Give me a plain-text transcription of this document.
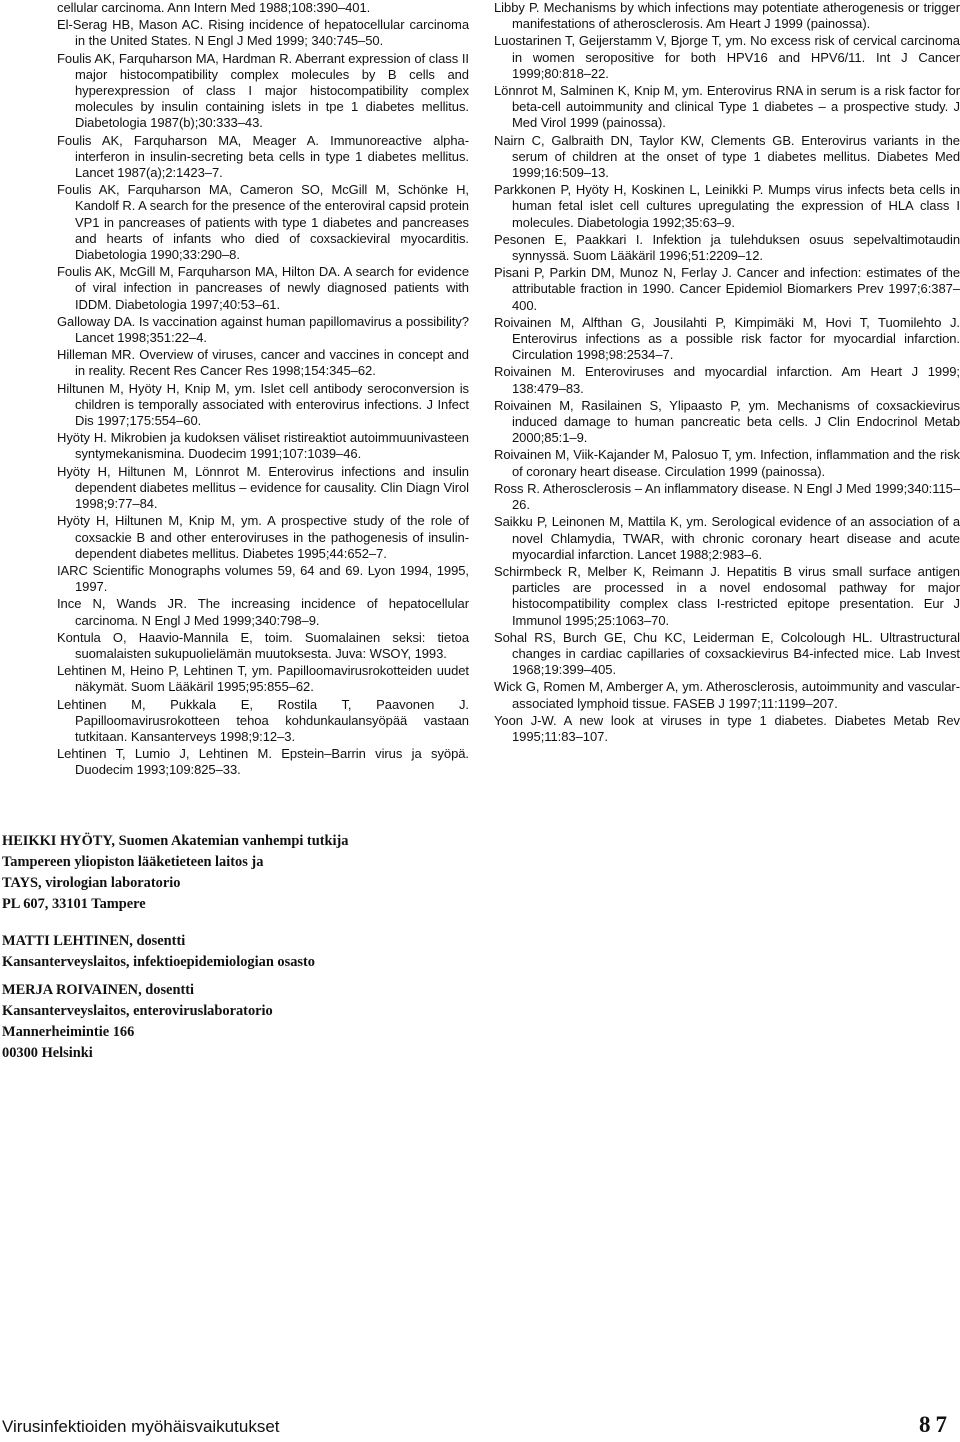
cellular carcinoma. Ann Intern Med 1988;108:390–401.

El-Serag HB, Mason AC. Rising incidence of hepatocellular carcinoma in the United States. N Engl J Med 1999; 340:745–50.

Foulis AK, Farquharson MA, Hardman R. Aberrant expression of class II major histocompatibility complex molecules by B cells and hyperexpression of class I major histocompatibility complex molecules by insulin containing islets in tpe 1 diabetes mellitus. Diabetologia 1987(b);30:333–43.

Foulis AK, Farquharson MA, Meager A. Immunoreactive alpha-interferon in insulin-secreting beta cells in type 1 diabetes mellitus. Lancet 1987(a);2:1423–7.

Foulis AK, Farquharson MA, Cameron SO, McGill M, Schönke H, Kandolf R. A search for the presence of the enteroviral capsid protein VP1 in pancreases of patients with type 1 diabetes and pancreases and hearts of infants who died of coxsackieviral myocarditis. Diabetologia 1990;33:290–8.

Foulis AK, McGill M, Farquharson MA, Hilton DA. A search for evidence of viral infection in pancreases of newly diagnosed patients with IDDM. Diabetologia 1997;40:53–61.

Galloway DA. Is vaccination against human papillomavirus a possibility? Lancet 1998;351:22–4.

Hilleman MR. Overview of viruses, cancer and vaccines in concept and in reality. Recent Res Cancer Res 1998;154:345–62.

Hiltunen M, Hyöty H, Knip M, ym. Islet cell antibody seroconversion is children is temporally associated with enterovirus infections. J Infect Dis 1997;175:554–60.

Hyöty H. Mikrobien ja kudoksen väliset ristireaktiot autoimmuunivasteen syntymekanismina. Duodecim 1991;107:1039–46.

Hyöty H, Hiltunen M, Lönnrot M. Enterovirus infections and insulin dependent diabetes mellitus – evidence for causality. Clin Diagn Virol 1998;9:77–84.

Hyöty H, Hiltunen M, Knip M, ym. A prospective study of the role of coxsackie B and other enteroviruses in the pathogenesis of insulin-dependent diabetes mellitus. Diabetes 1995;44:652–7.

IARC Scientific Monographs volumes 59, 64 and 69. Lyon 1994, 1995, 1997.

Ince N, Wands JR. The increasing incidence of hepatocellular carcinoma. N Engl J Med 1999;340:798–9.

Kontula O, Haavio-Mannila E, toim. Suomalainen seksi: tietoa suomalaisten sukupuolielämän muutoksesta. Juva: WSOY, 1993.

Lehtinen M, Heino P, Lehtinen T, ym. Papilloomavirusrokotteiden uudet näkymät. Suom Lääkäril 1995;95:855–62.

Lehtinen M, Pukkala E, Rostila T, Paavonen J. Papilloomavirusrokotteen tehoa kohdunkaulansyöpää vastaan tutkitaan. Kansanterveys 1998;9:12–3.

Lehtinen T, Lumio J, Lehtinen M. Epstein–Barrin virus ja syöpä. Duodecim 1993;109:825–33.

Libby P. Mechanisms by which infections may potentiate atherogenesis or trigger manifestations of atherosclerosis. Am Heart J 1999 (painossa).

Luostarinen T, Geijerstamm V, Bjorge T, ym. No excess risk of cervical carcinoma in women seropositive for both HPV16 and HPV6/11. Int J Cancer 1999;80:818–22.

Lönnrot M, Salminen K, Knip M, ym. Enterovirus RNA in serum is a risk factor for beta-cell autoimmunity and clinical Type 1 diabetes – a prospective study. J Med Virol 1999 (painossa).

Nairn C, Galbraith DN, Taylor KW, Clements GB. Enterovirus variants in the serum of children at the onset of type 1 diabetes mellitus. Diabetes Med 1999;16:509–13.

Parkkonen P, Hyöty H, Koskinen L, Leinikki P. Mumps virus infects beta cells in human fetal islet cell cultures upregulating the expression of HLA class I molecules. Diabetologia 1992;35:63–9.

Pesonen E, Paakkari I. Infektion ja tulehduksen osuus sepelvaltimotaudin synnyssä. Suom Lääkäril 1996;51:2209–12.

Pisani P, Parkin DM, Munoz N, Ferlay J. Cancer and infection: estimates of the attributable fraction in 1990. Cancer Epidemiol Biomarkers Prev 1997;6:387–400.

Roivainen M, Alfthan G, Jousilahti P, Kimpimäki M, Hovi T, Tuomilehto J. Enterovirus infections as a possible risk factor for myocardial infarction. Circulation 1998;98:2534–7.

Roivainen M. Enteroviruses and myocardial infarction. Am Heart J 1999; 138:479–83.

Roivainen M, Rasilainen S, Ylipaasto P, ym. Mechanisms of coxsackievirus induced damage to human pancreatic beta cells. J Clin Endocrinol Metab 2000;85:1–9.

Roivainen M, Viik-Kajander M, Palosuo T, ym. Infection, inflammation and the risk of coronary heart disease. Circulation 1999 (painossa).

Ross R. Atherosclerosis – An inflammatory disease. N Engl J Med 1999;340:115–26.

Saikku P, Leinonen M, Mattila K, ym. Serological evidence of an association of a novel Chlamydia, TWAR, with chronic coronary heart disease and acute myocardial infarction. Lancet 1988;2:983–6.

Schirmbeck R, Melber K, Reimann J. Hepatitis B virus small surface antigen particles are processed in a novel endosomal pathway for major histocompatibility complex class I-restricted epitope presentation. Eur J Immunol 1995;25:1063–70.

Sohal RS, Burch GE, Chu KC, Leiderman E, Colcolough HL. Ultrastructural changes in cardiac capillaries of coxsackievirus B4-infected mice. Lab Invest 1968;19:399–405.

Wick G, Romen M, Amberger A, ym. Atherosclerosis, autoimmunity and vascular-associated lymphoid tissue. FASEB J 1997;11:1199–207.

Yoon J-W. A new look at viruses in type 1 diabetes. Diabetes Metab Rev 1995;11:83–107.

HEIKKI HYÖTY, Suomen Akatemian vanhempi tutkija
Tampereen yliopiston lääketieteen laitos ja
TAYS, virologian laboratorio
PL 607, 33101 Tampere
MATTI LEHTINEN, dosentti
Kansanterveyslaitos, infektioepidemiologian osasto
MERJA ROIVAINEN, dosentti
Kansanterveyslaitos, enteroviruslaboratorio
Mannerheimintie 166
00300 Helsinki
Virusinfektioiden myöhäisvaikutukset	87
